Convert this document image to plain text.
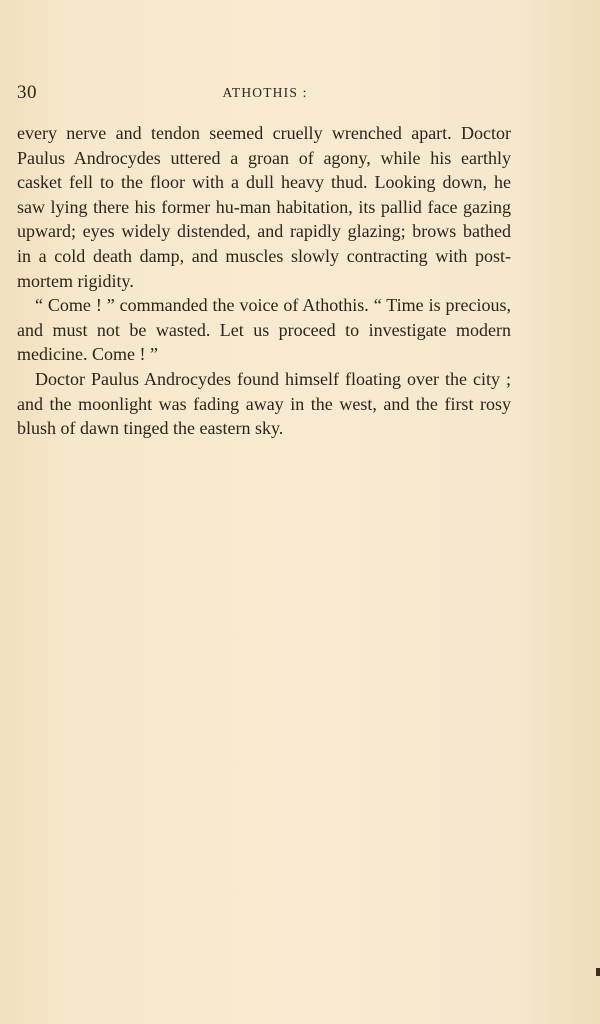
30	ATHOTHIS :

every nerve and tendon seemed cruelly wrenched apart. Doctor Paulus Androcydes uttered a groan of agony, while his earthly casket fell to the floor with a dull heavy thud. Looking down, he saw lying there his former hu-man habitation, its pallid face gazing upward; eyes widely distended, and rapidly glazing; brows bathed in a cold death damp, and muscles slowly contracting with post-mortem rigidity.

“ Come ! ” commanded the voice of Athothis. “ Time is precious, and must not be wasted. Let us proceed to investigate modern medicine. Come ! ”

Doctor Paulus Androcydes found himself floating over the city ; and the moonlight was fading away in the west, and the first rosy blush of dawn tinged the eastern sky.
